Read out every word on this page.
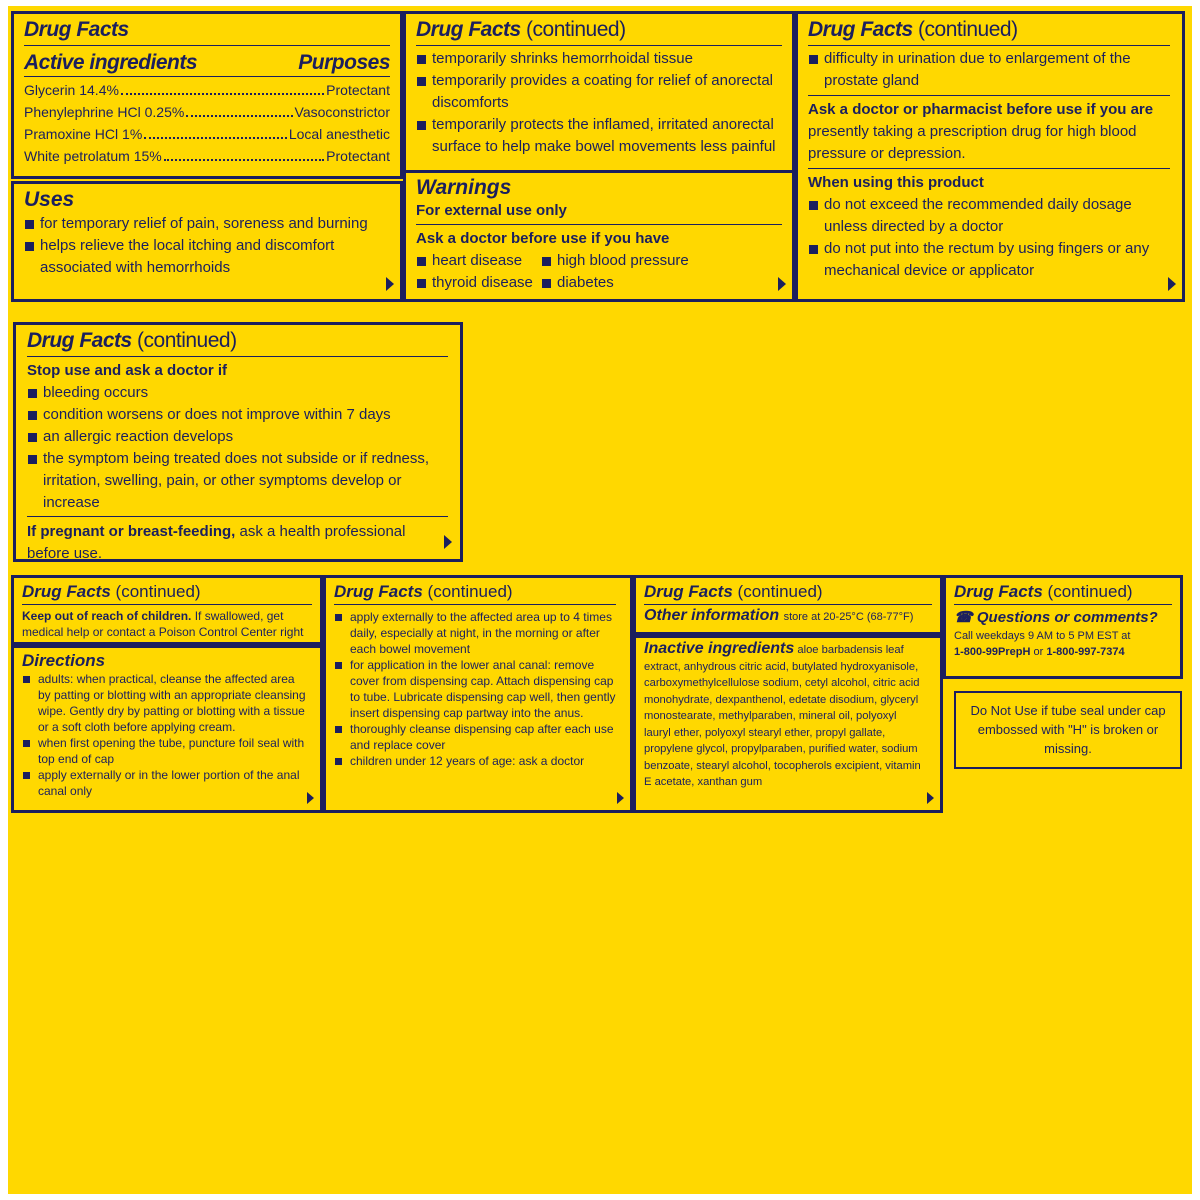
Drug Facts
Active ingredients	Purposes
Glycerin 14.4%	Protectant
Phenylephrine HCl 0.25%	Vasoconstrictor
Pramoxine HCl 1%	Local anesthetic
White petrolatum 15%	Protectant
Uses
for temporary relief of pain, soreness and burning
helps relieve the local itching and discomfort associated with hemorrhoids
Drug Facts (continued)
temporarily shrinks hemorrhoidal tissue
temporarily provides a coating for relief of anorectal discomforts
temporarily protects the inflamed, irritated anorectal surface to help make bowel movements less painful
Warnings
For external use only
Ask a doctor before use if you have
heart disease	high blood pressure
thyroid disease	diabetes
Drug Facts (continued)
difficulty in urination due to enlargement of the prostate gland
Ask a doctor or pharmacist before use if you are
presently taking a prescription drug for high blood pressure or depression.
When using this product
do not exceed the recommended daily dosage unless directed by a doctor
do not put into the rectum by using fingers or any mechanical device or applicator
Drug Facts (continued)
Stop use and ask a doctor if
bleeding occurs
condition worsens or does not improve within 7 days
an allergic reaction develops
the symptom being treated does not subside or if redness, irritation, swelling, pain, or other symptoms develop or increase
If pregnant or breast-feeding, ask a health professional before use.
Drug Facts (continued)
Keep out of reach of children. If swallowed, get medical help or contact a Poison Control Center right
Directions
adults: when practical, cleanse the affected area by patting or blotting with an appropriate cleansing wipe. Gently dry by patting or blotting with a tissue or a soft cloth before applying cream.
when first opening the tube, puncture foil seal with top end of cap
apply externally or in the lower portion of the anal canal only
Drug Facts (continued)
apply externally to the affected area up to 4 times daily, especially at night, in the morning or after each bowel movement
for application in the lower anal canal: remove cover from dispensing cap. Attach dispensing cap to tube. Lubricate dispensing cap well, then gently insert dispensing cap partway into the anus.
thoroughly cleanse dispensing cap after each use and replace cover
children under 12 years of age: ask a doctor
Drug Facts (continued)
Other information store at 20-25°C (68-77°F)
Inactive ingredients aloe barbadensis leaf extract, anhydrous citric acid, butylated hydroxyanisole, carboxymethylcellulose sodium, cetyl alcohol, citric acid monohydrate, dexpanthenol, edetate disodium, glyceryl monostearate, methylparaben, mineral oil, polyoxyl lauryl ether, polyoxyl stearyl ether, propyl gallate, propylene glycol, propylparaben, purified water, sodium benzoate, stearyl alcohol, tocopherols excipient, vitamin E acetate, xanthan gum
Drug Facts (continued)
☎ Questions or comments?
Call weekdays 9 AM to 5 PM EST at
1-800-99PrepH or 1-800-997-7374
Do Not Use if tube seal under cap embossed with "H" is broken or missing.
